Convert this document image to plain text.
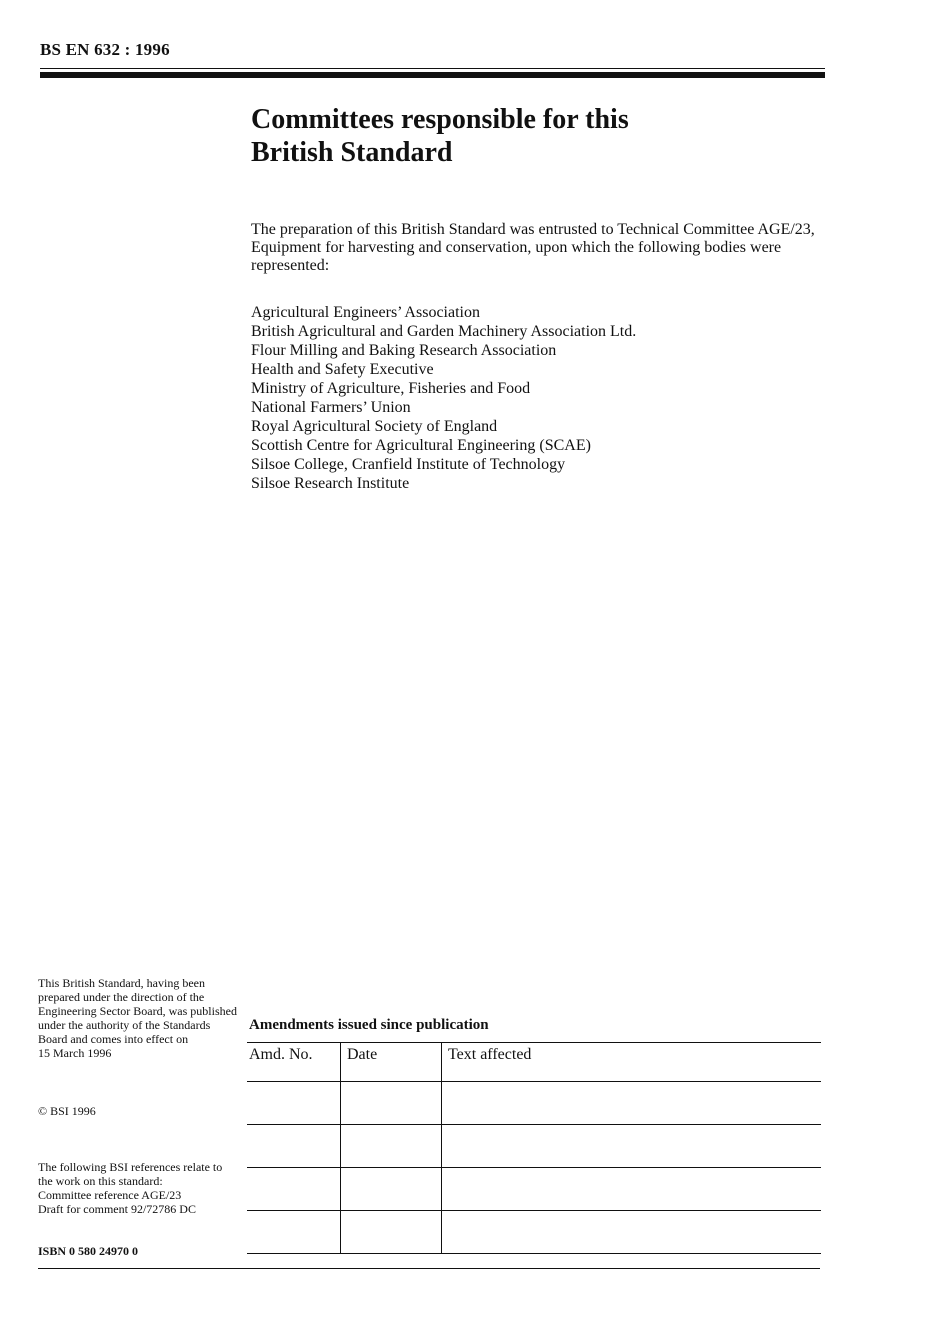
BS EN 632 : 1996
Committees responsible for this
British Standard
The preparation of this British Standard was entrusted to Technical Committee AGE/23, Equipment for harvesting and conservation, upon which the following bodies were represented:
Agricultural Engineers’ Association
British Agricultural and Garden Machinery Association Ltd.
Flour Milling and Baking Research Association
Health and Safety Executive
Ministry of Agriculture, Fisheries and Food
National Farmers’ Union
Royal Agricultural Society of England
Scottish Centre for Agricultural Engineering (SCAE)
Silsoe College, Cranfield Institute of Technology
Silsoe Research Institute

This British Standard, having been prepared under the direction of the Engineering Sector Board, was published under the authority of the Standards Board and comes into effect on

15 March 1996

© BSI 1996
The following BSI references relate to the work on this standard:
Committee reference AGE/23
Draft for comment 92/72786 DC
ISBN 0 580 24970 0
Amendments issued since publication
Amd. No.	Date	Text affected
